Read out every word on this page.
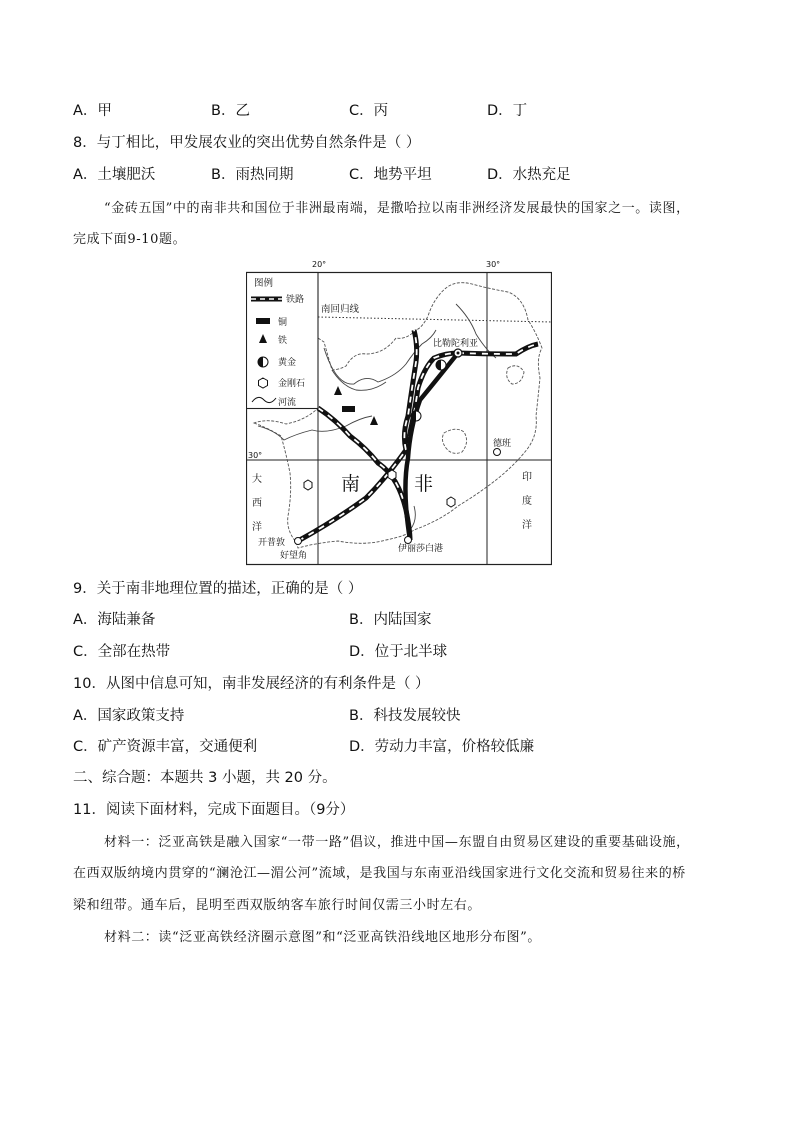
A．甲	B．乙	C．丙	D．丁
8．与丁相比，甲发展农业的突出优势自然条件是（ ）
A．土壤肥沃	B．雨热同期	C．地势平坦	D．水热充足
“金砖五国”中的南非共和国位于非洲最南端，是撒哈拉以南非洲经济发展最快的国家之一。读图，
完成下面9-10题。
20°	30°
30°
南回归线
比勒陀利亚
德班
开普敦
好望角
伊丽莎白港
南	非
大
西
洋
印
度
洋
图例
铁路
铜
铁
黄金
金刚石
河流
9．关于南非地理位置的描述，正确的是（ ）
A．海陆兼备	B．内陆国家
C．全部在热带	D．位于北半球
10．从图中信息可知，南非发展经济的有利条件是（ ）
A．国家政策支持	B．科技发展较快
C．矿产资源丰富，交通便利	D．劳动力丰富，价格较低廉
二、综合题：本题共 3 小题，共 20 分。
11．阅读下面材料，完成下面题目。（9分）
材料一：泛亚高铁是融入国家“一带一路”倡议，推进中国—东盟自由贸易区建设的重要基础设施，
在西双版纳境内贯穿的“澜沧江—湄公河”流域，是我国与东南亚沿线国家进行文化交流和贸易往来的桥
梁和纽带。通车后，昆明至西双版纳客车旅行时间仅需三小时左右。
材料二：读“泛亚高铁经济圈示意图”和“泛亚高铁沿线地区地形分布图”。
